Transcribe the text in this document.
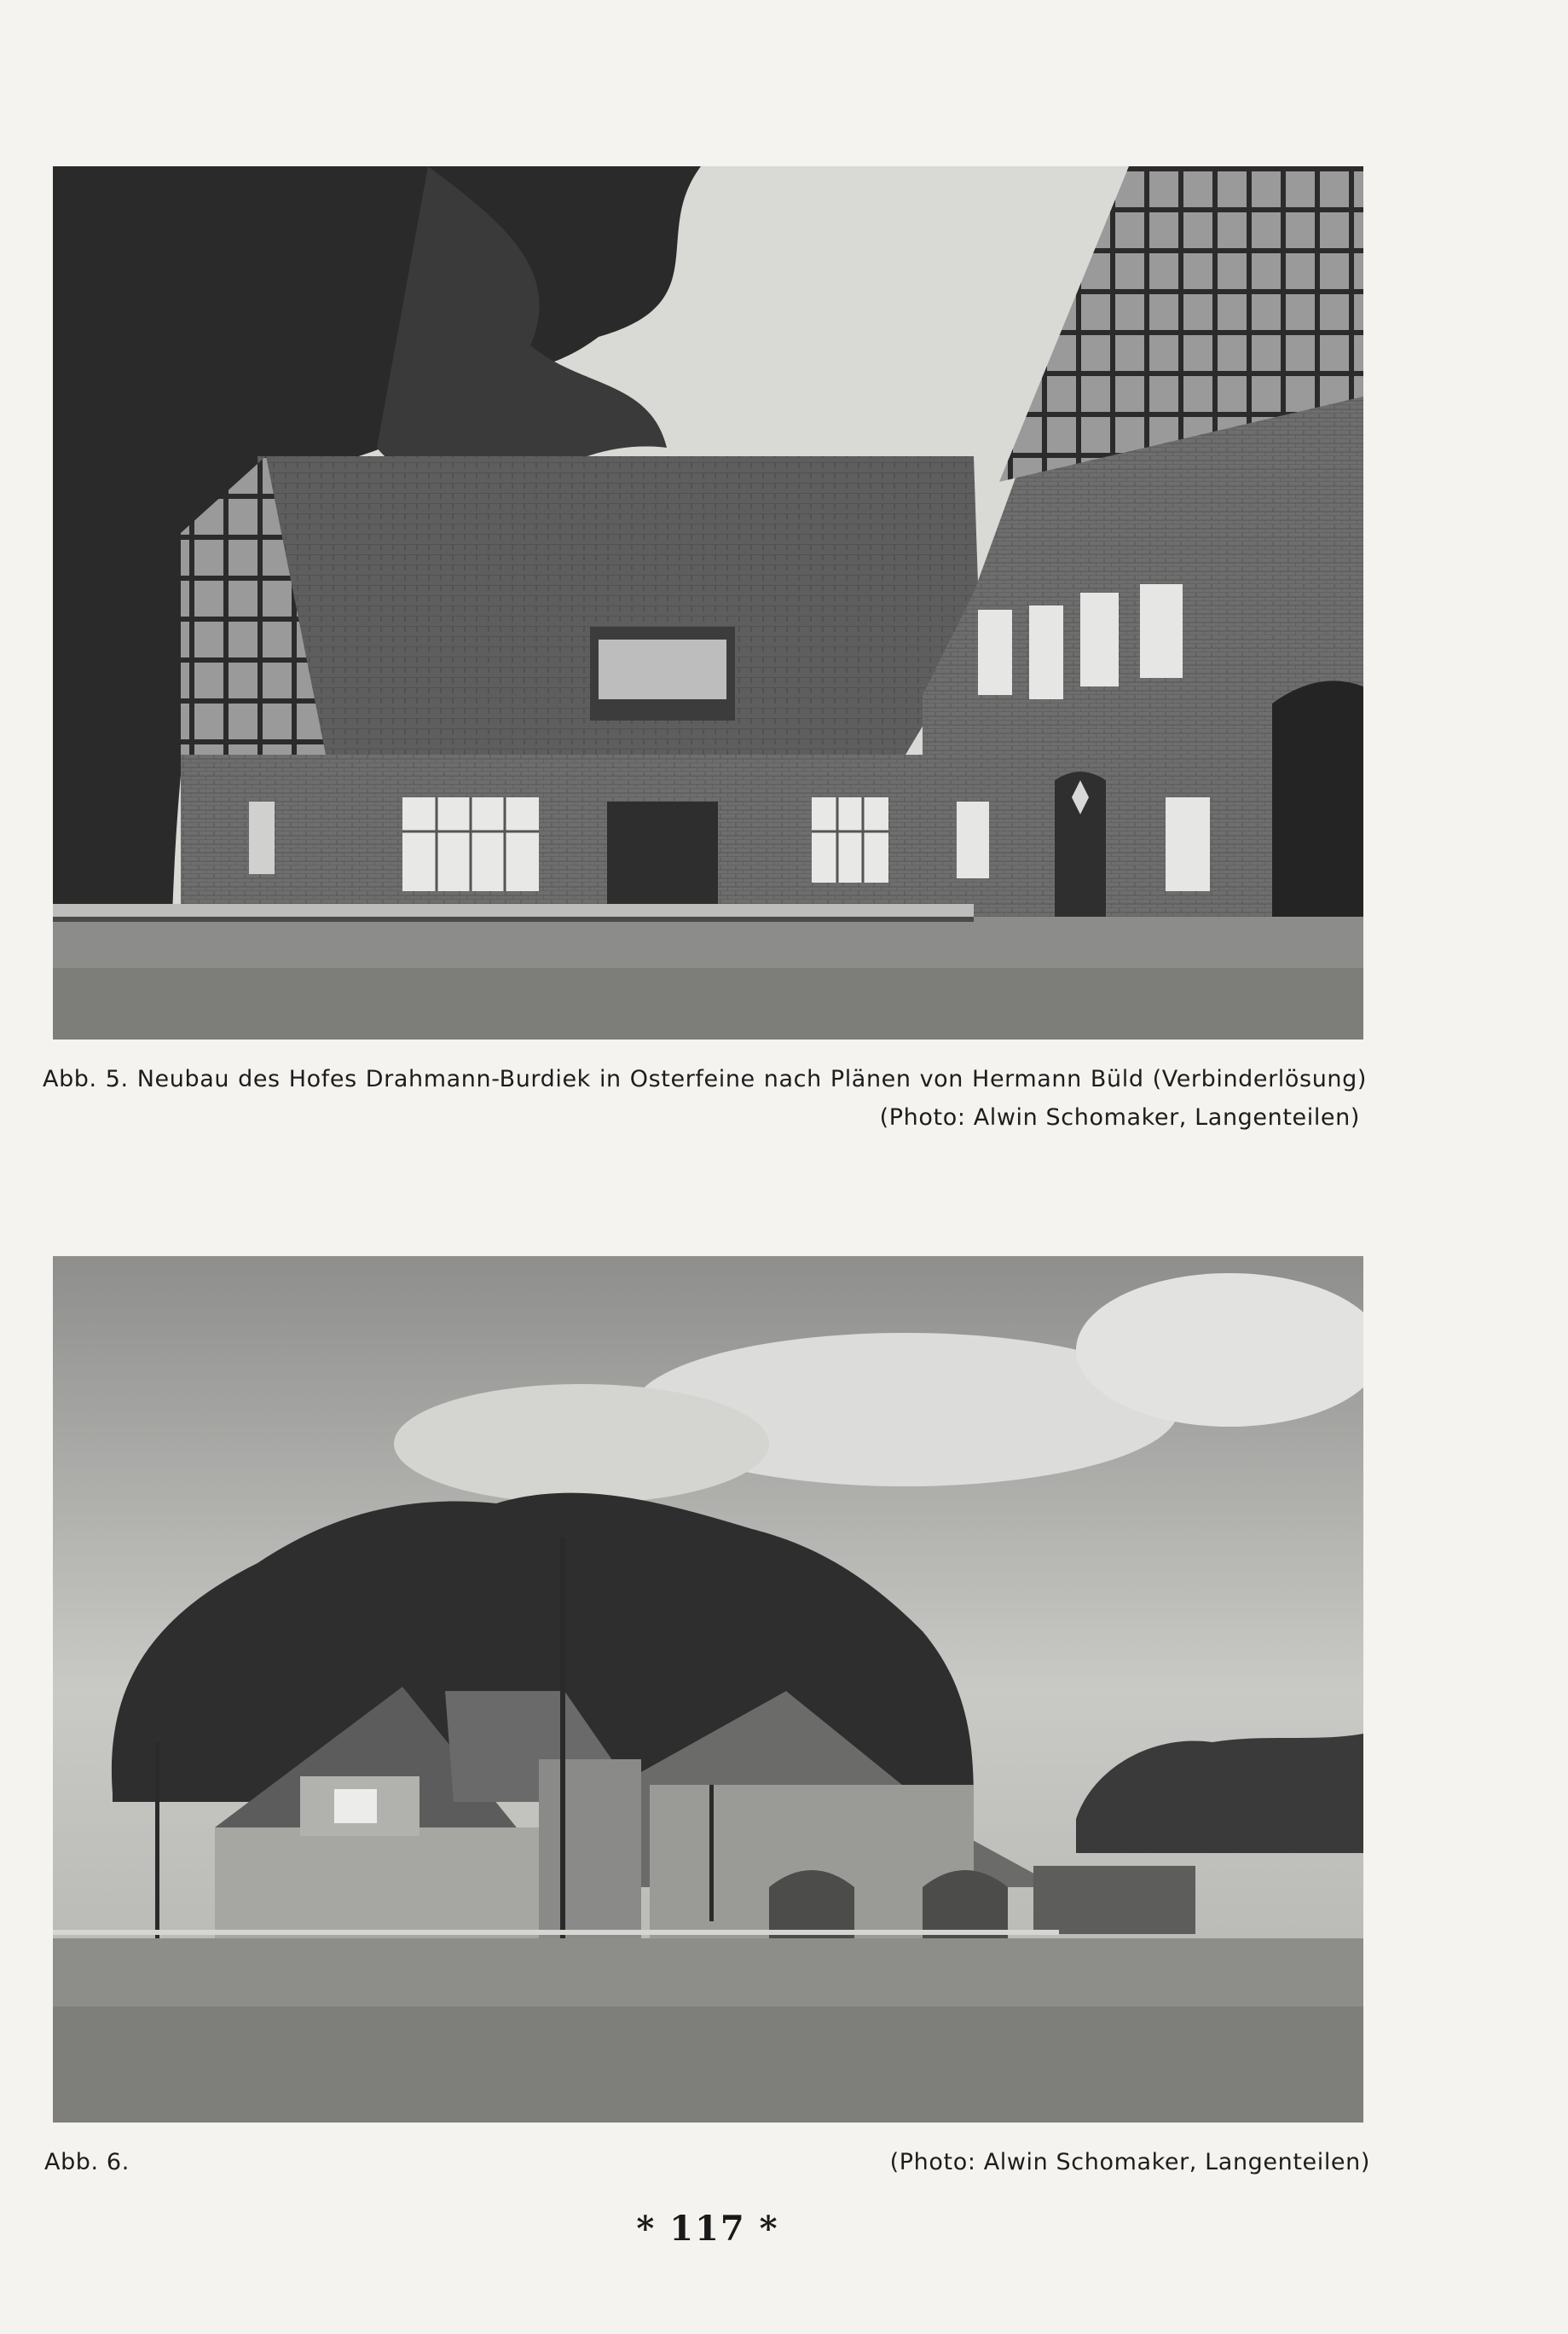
Abb. 5. Neubau des Hofes Drahmann-Burdiek in Osterfeine nach Plänen von Hermann Büld (Verbinderlösung)
(Photo: Alwin Schomaker, Langenteilen)
Abb. 6.	(Photo: Alwin Schomaker, Langenteilen)
* 117 *
